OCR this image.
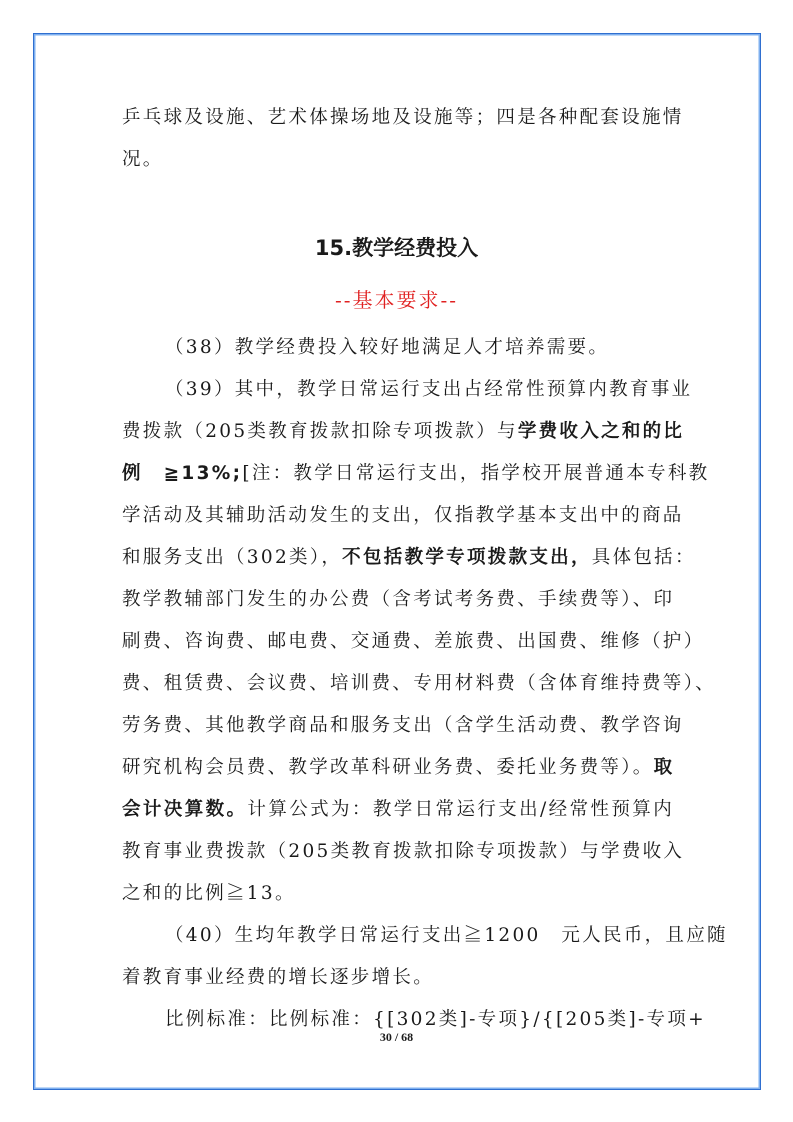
乒乓球及设施、艺术体操场地及设施等；四是各种配套设施情

况。

15.教学经费投入
--基本要求--

（38）教学经费投入较好地满足人才培养需要。

（39）其中，教学日常运行支出占经常性预算内教育事业

费拨款（205类教育拨款扣除专项拨款）与学费收入之和的比

例　 ≧13%;[注：教学日常运行支出，指学校开展普通本专科教

学活动及其辅助活动发生的支出，仅指教学基本支出中的商品

和服务支出（302类），不包括教学专项拨款支出，具体包括：

教学教辅部门发生的办公费（含考试考务费、手续费等）、印

刷费、咨询费、邮电费、交通费、差旅费、出国费、维修（护）

费、租赁费、会议费、培训费、专用材料费（含体育维持费等）、

劳务费、其他教学商品和服务支出（含学生活动费、教学咨询

研究机构会员费、教学改革科研业务费、委托业务费等）。取

会计决算数。计算公式为：教学日常运行支出/经常性预算内

教育事业费拨款（205类教育拨款扣除专项拨款）与学费收入

之和的比例≧13。

（40）生均年教学日常运行支出≧1200　元人民币，且应随

着教育事业经费的增长逐步增长。

比例标准：比例标准：{[302类]-专项}/{[205类]-专项+

30 / 68
